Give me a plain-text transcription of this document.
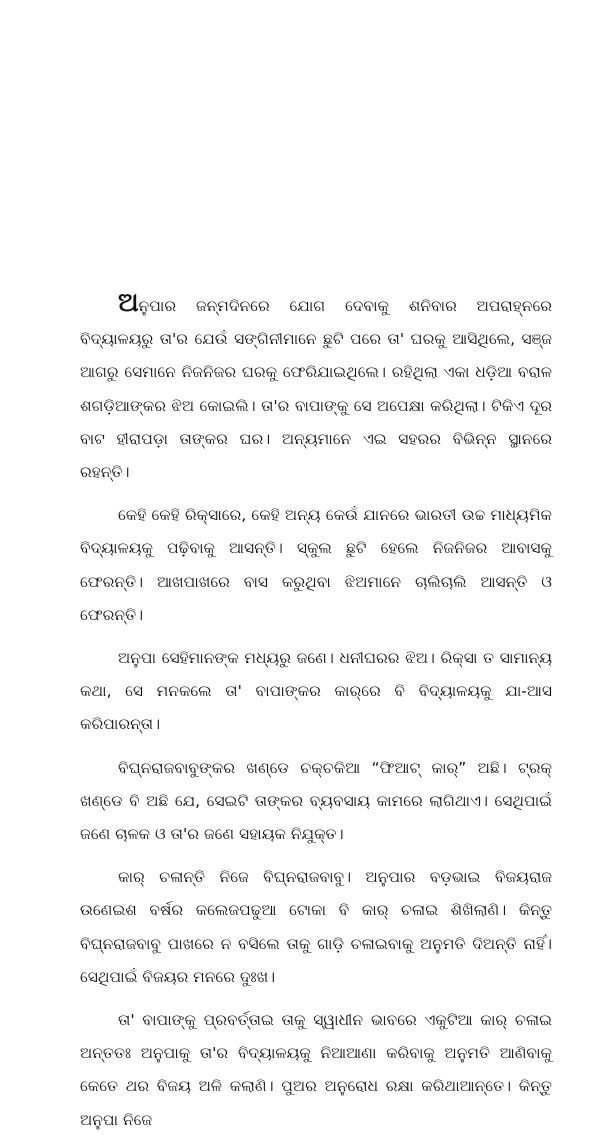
ଅନୁପାର ଜନ୍ମଦିନରେ ଯୋଗ ଦେବାକୁ ଶନିବାର ଅପରାହ୍ନରେ ବିଦ୍ୟାଳୟରୁ ତା'ର ଯେଉଁ ସଙ୍ଗିନୀମାନେ ଛୁଟି ପରେ ତା' ଘରକୁ ଆସିଥିଲେ, ସଞ୍ଜ ଆଗରୁ ସେମାନେ ନିଜନିଜର ଘରକୁ ଫେରିଯାଇଥିଲେ। ରହିଥିଲା ଏକା ଧଡ଼ିଆ ବରାଳ ଶଗଡ଼ିଆଙ୍କର ଝିଅ କୋଇଲି। ତା'ର ବାପାଙ୍କୁ ସେ ଅପେକ୍ଷା କରିଥିଲା। ଟିକିଏ ଦୂର ବାଟ ହୀରାପଡ଼ା ତାଙ୍କର ଘର। ଅନ୍ୟମାନେ ଏଇ ସହରର ବିଭିନ୍ନ ସ୍ଥାନରେ ରହନ୍ତି।

କେହି କେହି ରିକ୍ସାରେ, କେହି ଅନ୍ୟ କେଉଁ ଯାନରେ ଭାରତୀ ଉଚ୍ଚ ମାଧ୍ୟମିକ ବିଦ୍ୟାଳୟକୁ ପଢ଼ିବାକୁ ଆସନ୍ତି। ସ୍କୁଲ ଛୁଟି ହେଲେ ନିଜନିଜର ଆବାସକୁ ଫେରନ୍ତି। ଆଖପାଖରେ ବାସ କରୁଥିବା ଝିଅମାନେ ଚାଲିଚାଲି ଆସନ୍ତି ଓ ଫେରନ୍ତି।

ଅନୁପା ସେହିମାନଙ୍କ ମଧ୍ୟରୁ ଜଣେ। ଧନୀଘରର ଝିଅ। ରିକ୍ସା ତ ସାମାନ୍ୟ କଥା, ସେ ମନକଲେ ତା' ବାପାଙ୍କର କାର୍‌ରେ ବି ବିଦ୍ୟାଳୟକୁ ଯା-ଆସ କରିପାରନ୍ତା।

ବିଘ୍ନରାଜବାବୁଙ୍କର ଖଣ୍ଡେ ଚକ୍‌ଚକିଆ “ଫିଆଟ୍ କାର୍” ଅଛି। ଟ୍ରକ୍ ଖଣ୍ଡେ ବି ଅଛି ଯେ, ସେଇଟି ତାଙ୍କର ବ୍ୟବସାୟ କାମରେ ଲାଗିଥାଏ। ସେଥିପାଇଁ ଜଣେ ଚାଳକ ଓ ତା'ର ଜଣେ ସହାୟକ ନିଯୁକ୍ତ।

କାର୍ ଚଳାନ୍ତି ନିଜେ ବିଘ୍ନରାଜବାବୁ। ଅନୁପାର ବଡ଼ଭାଇ ବିଜୟରାଜ ଉଣେଇଶ ବର୍ଷର କଲେଜପଢୁଆ ଟୋକା ବି କାର୍ ଚଳାଇ ଶିଖିଲାଣି। କିନ୍ତୁ ବିଘ୍ନରାଜବାବୁ ପାଖରେ ନ ବସିଲେ ତାକୁ ଗାଡ଼ି ଚଳାଇବାକୁ ଅନୁମତି ଦିଅନ୍ତି ନାହିଁ। ସେଥିପାଇଁ ବିଜୟର ମନରେ ଦୁଃଖ।

ତା' ବାପାଙ୍କୁ ପ୍ରବର୍ତ୍ତାଇ ତାକୁ ସ୍ୱାଧୀନ ଭାବରେ ଏକୁଟିଆ କାର୍ ଚଳାଇ ଅନ୍ତତଃ ଅନୁପାକୁ ତା'ର ବିଦ୍ୟାଳୟକୁ ନିଆଆଣା କରିବାକୁ ଅନୁମତି ଆଣିବାକୁ କେତେ ଥର ବିଜୟ ଅଳି କଲାଣି। ପୁଅର ଅନୁରୋଧ ରକ୍ଷା କରିଥାଆନ୍ତେ। କିନ୍ତୁ ଅନୁପା ନିଜେ
